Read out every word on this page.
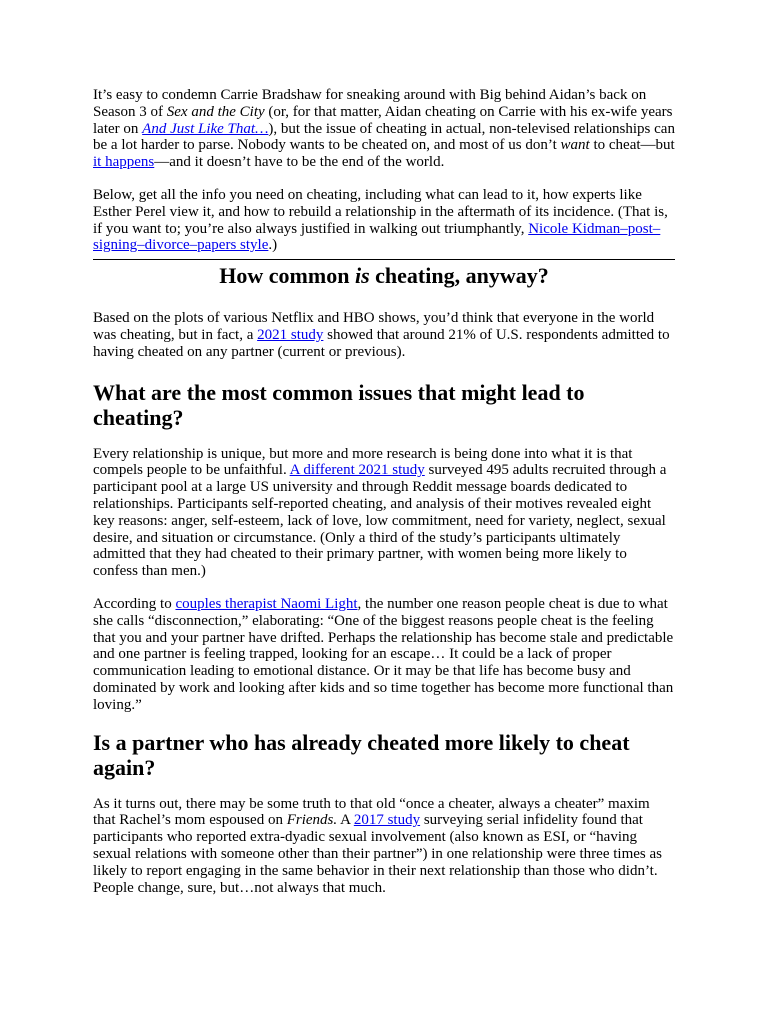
It’s easy to condemn Carrie Bradshaw for sneaking around with Big behind Aidan’s back on Season 3 of Sex and the City (or, for that matter, Aidan cheating on Carrie with his ex-wife years later on And Just Like That…), but the issue of cheating in actual, non-televised relationships can be a lot harder to parse. Nobody wants to be cheated on, and most of us don’t want to cheat—but it happens—and it doesn’t have to be the end of the world.

Below, get all the info you need on cheating, including what can lead to it, how experts like Esther Perel view it, and how to rebuild a relationship in the aftermath of its incidence. (That is, if you want to; you’re also always justified in walking out triumphantly, Nicole Kidman–post–signing–divorce–papers style.)

How common is cheating, anyway?

Based on the plots of various Netflix and HBO shows, you’d think that everyone in the world was cheating, but in fact, a 2021 study showed that around 21% of U.S. respondents admitted to having cheated on any partner (current or previous).

What are the most common issues that might lead to cheating?

Every relationship is unique, but more and more research is being done into what it is that compels people to be unfaithful. A different 2021 study surveyed 495 adults recruited through a participant pool at a large US university and through Reddit message boards dedicated to relationships. Participants self-reported cheating, and analysis of their motives revealed eight key reasons: anger, self-esteem, lack of love, low commitment, need for variety, neglect, sexual desire, and situation or circumstance. (Only a third of the study’s participants ultimately admitted that they had cheated to their primary partner, with women being more likely to confess than men.)

According to couples therapist Naomi Light, the number one reason people cheat is due to what she calls “disconnection,” elaborating: “One of the biggest reasons people cheat is the feeling that you and your partner have drifted. Perhaps the relationship has become stale and predictable and one partner is feeling trapped, looking for an escape… It could be a lack of proper communication leading to emotional distance. Or it may be that life has become busy and dominated by work and looking after kids and so time together has become more functional than loving.”

Is a partner who has already cheated more likely to cheat again?

As it turns out, there may be some truth to that old “once a cheater, always a cheater” maxim that Rachel’s mom espoused on Friends. A 2017 study surveying serial infidelity found that participants who reported extra-dyadic sexual involvement (also known as ESI, or “having sexual relations with someone other than their partner”) in one relationship were three times as likely to report engaging in the same behavior in their next relationship than those who didn’t. People change, sure, but…not always that much.
